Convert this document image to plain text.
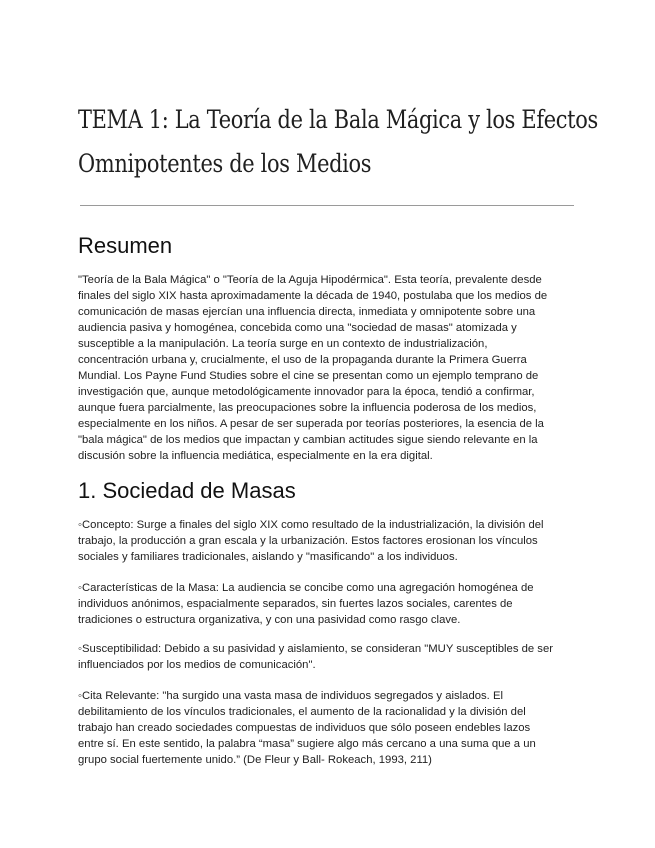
TEMA 1: La Teoría de la Bala Mágica y los Efectos
Omnipotentes de los Medios
Resumen

"Teoría de la Bala Mágica" o "Teoría de la Aguja Hipodérmica". Esta teoría, prevalente desde
finales del siglo XIX hasta aproximadamente la década de 1940, postulaba que los medios de
comunicación de masas ejercían una influencia directa, inmediata y omnipotente sobre una
audiencia pasiva y homogénea, concebida como una "sociedad de masas" atomizada y
susceptible a la manipulación. La teoría surge en un contexto de industrialización,
concentración urbana y, crucialmente, el uso de la propaganda durante la Primera Guerra
Mundial. Los Payne Fund Studies sobre el cine se presentan como un ejemplo temprano de
investigación que, aunque metodológicamente innovador para la época, tendió a confirmar,
aunque fuera parcialmente, las preocupaciones sobre la influencia poderosa de los medios,
especialmente en los niños. A pesar de ser superada por teorías posteriores, la esencia de la
"bala mágica" de los medios que impactan y cambian actitudes sigue siendo relevante en la
discusión sobre la influencia mediática, especialmente en la era digital.

1. Sociedad de Masas

◦Concepto: Surge a finales del siglo XIX como resultado de la industrialización, la división del
trabajo, la producción a gran escala y la urbanización. Estos factores erosionan los vínculos
sociales y familiares tradicionales, aislando y "masificando" a los individuos.

◦Características de la Masa: La audiencia se concibe como una agregación homogénea de
individuos anónimos, espacialmente separados, sin fuertes lazos sociales, carentes de
tradiciones o estructura organizativa, y con una pasividad como rasgo clave.

◦Susceptibilidad: Debido a su pasividad y aislamiento, se consideran "MUY susceptibles de ser
influenciados por los medios de comunicación".

◦Cita Relevante: "ha surgido una vasta masa de individuos segregados y aislados. El
debilitamiento de los vínculos tradicionales, el aumento de la racionalidad y la división del
trabajo han creado sociedades compuestas de individuos que sólo poseen endebles lazos
entre sí. En este sentido, la palabra “masa” sugiere algo más cercano a una suma que a un
grupo social fuertemente unido.” (De Fleur y Ball- Rokeach, 1993, 211)
